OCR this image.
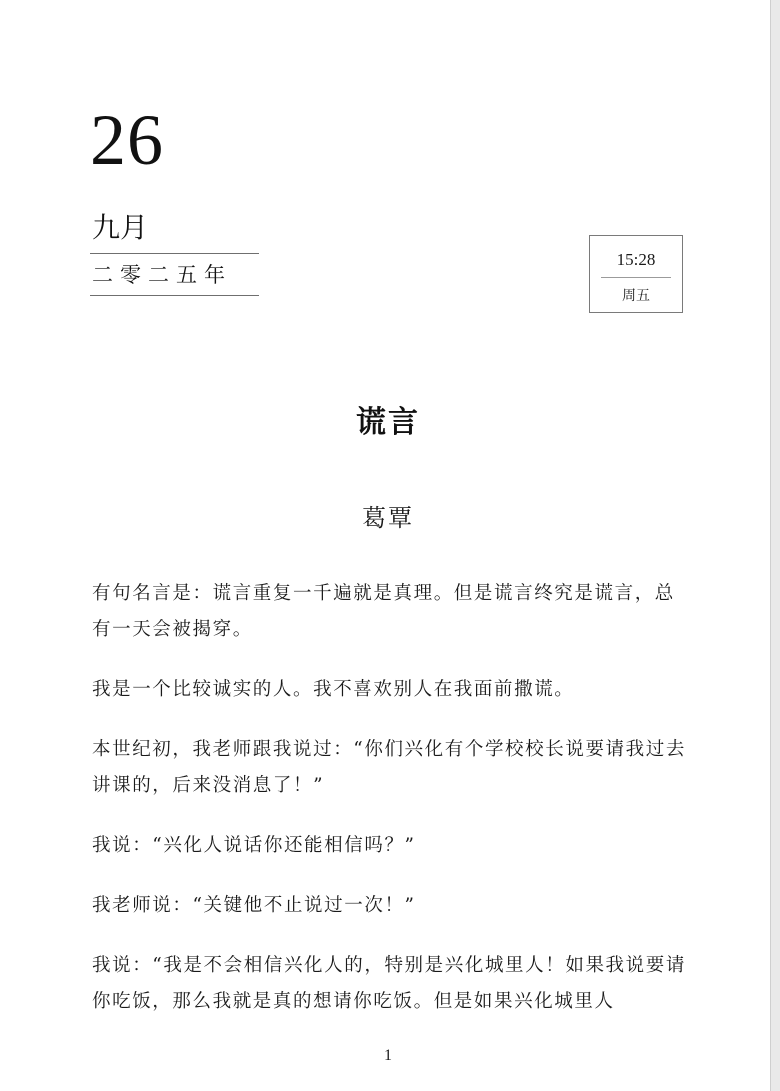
26
九月
二零二五年
15:28
周五
谎言
葛覃

有句名言是：谎言重复一千遍就是真理。但是谎言终究是谎言，总有一天会被揭穿。

我是一个比较诚实的人。我不喜欢别人在我面前撒谎。

本世纪初，我老师跟我说过：“你们兴化有个学校校长说要请我过去讲课的，后来没消息了！”

我说：“兴化人说话你还能相信吗？”

我老师说：“关键他不止说过一次！”

我说：“我是不会相信兴化人的，特别是兴化城里人！如果我说要请你吃饭，那么我就是真的想请你吃饭。但是如果兴化城里人

1
